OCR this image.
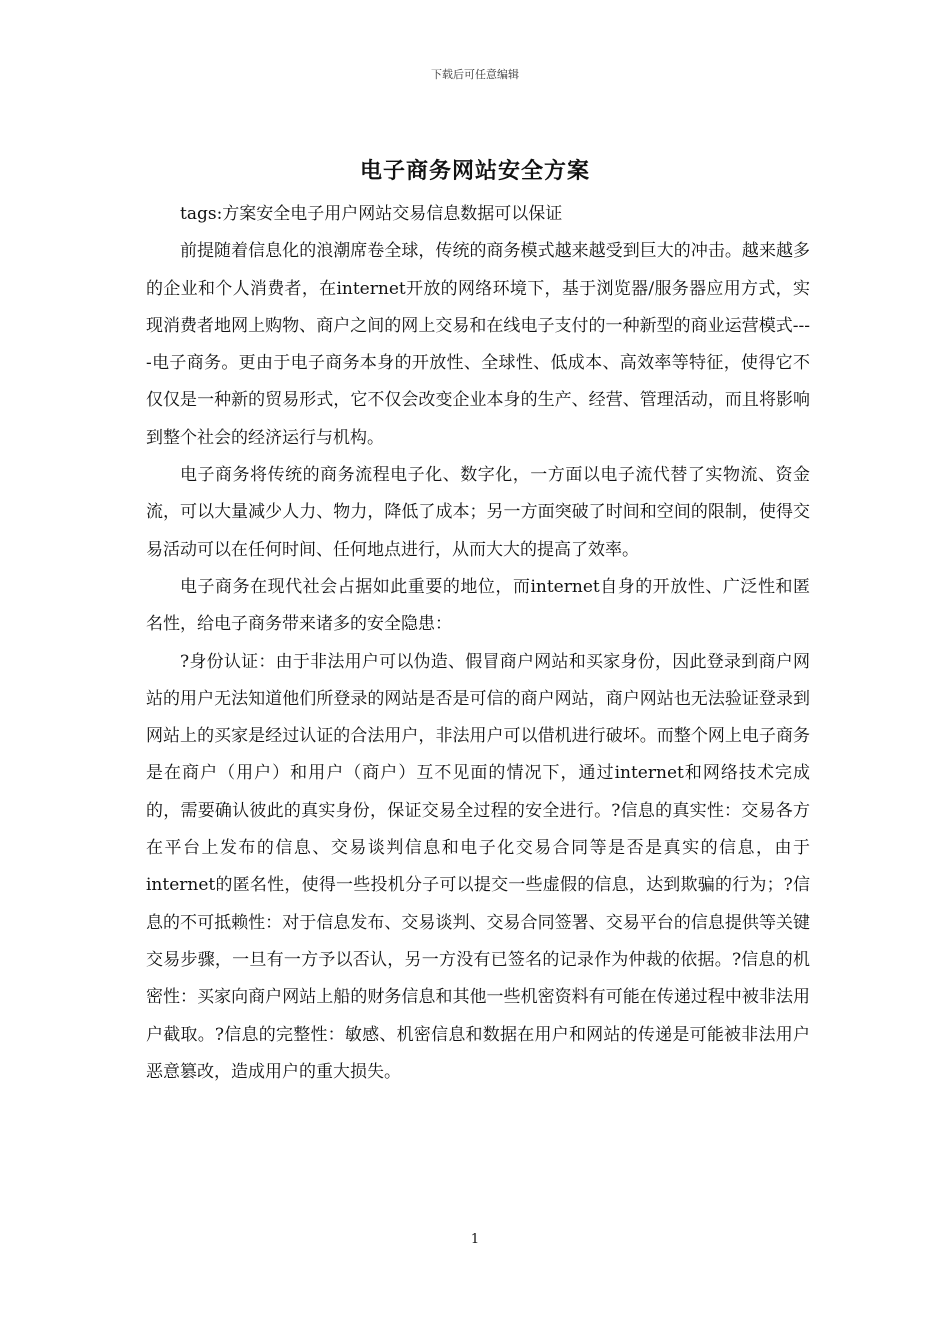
下载后可任意编辑
电子商务网站安全方案

tags:方案安全电子用户网站交易信息数据可以保证

前提随着信息化的浪潮席卷全球，传统的商务模式越来越受到巨大的冲击。越来越多的企业和个人消费者，在internet开放的网络环境下，基于浏览器/服务器应用方式，实现消费者地网上购物、商户之间的网上交易和在线电子支付的一种新型的商业运营模式----电子商务。更由于电子商务本身的开放性、全球性、低成本、高效率等特征，使得它不仅仅是一种新的贸易形式，它不仅会改变企业本身的生产、经营、管理活动，而且将影响到整个社会的经济运行与机构。

电子商务将传统的商务流程电子化、数字化，一方面以电子流代替了实物流、资金流，可以大量减少人力、物力，降低了成本；另一方面突破了时间和空间的限制，使得交易活动可以在任何时间、任何地点进行，从而大大的提高了效率。

电子商务在现代社会占据如此重要的地位，而internet自身的开放性、广泛性和匿名性，给电子商务带来诸多的安全隐患：

?身份认证：由于非法用户可以伪造、假冒商户网站和买家身份，因此登录到商户网站的用户无法知道他们所登录的网站是否是可信的商户网站，商户网站也无法验证登录到网站上的买家是经过认证的合法用户，非法用户可以借机进行破坏。而整个网上电子商务是在商户（用户）和用户（商户）互不见面的情况下，通过internet和网络技术完成的，需要确认彼此的真实身份，保证交易全过程的安全进行。?信息的真实性：交易各方在平台上发布的信息、交易谈判信息和电子化交易合同等是否是真实的信息，由于internet的匿名性，使得一些投机分子可以提交一些虚假的信息，达到欺骗的行为；?信息的不可抵赖性：对于信息发布、交易谈判、交易合同签署、交易平台的信息提供等关键交易步骤，一旦有一方予以否认，另一方没有已签名的记录作为仲裁的依据。?信息的机密性：买家向商户网站上船的财务信息和其他一些机密资料有可能在传递过程中被非法用户截取。?信息的完整性：敏感、机密信息和数据在用户和网站的传递是可能被非法用户恶意篡改，造成用户的重大损失。

1
